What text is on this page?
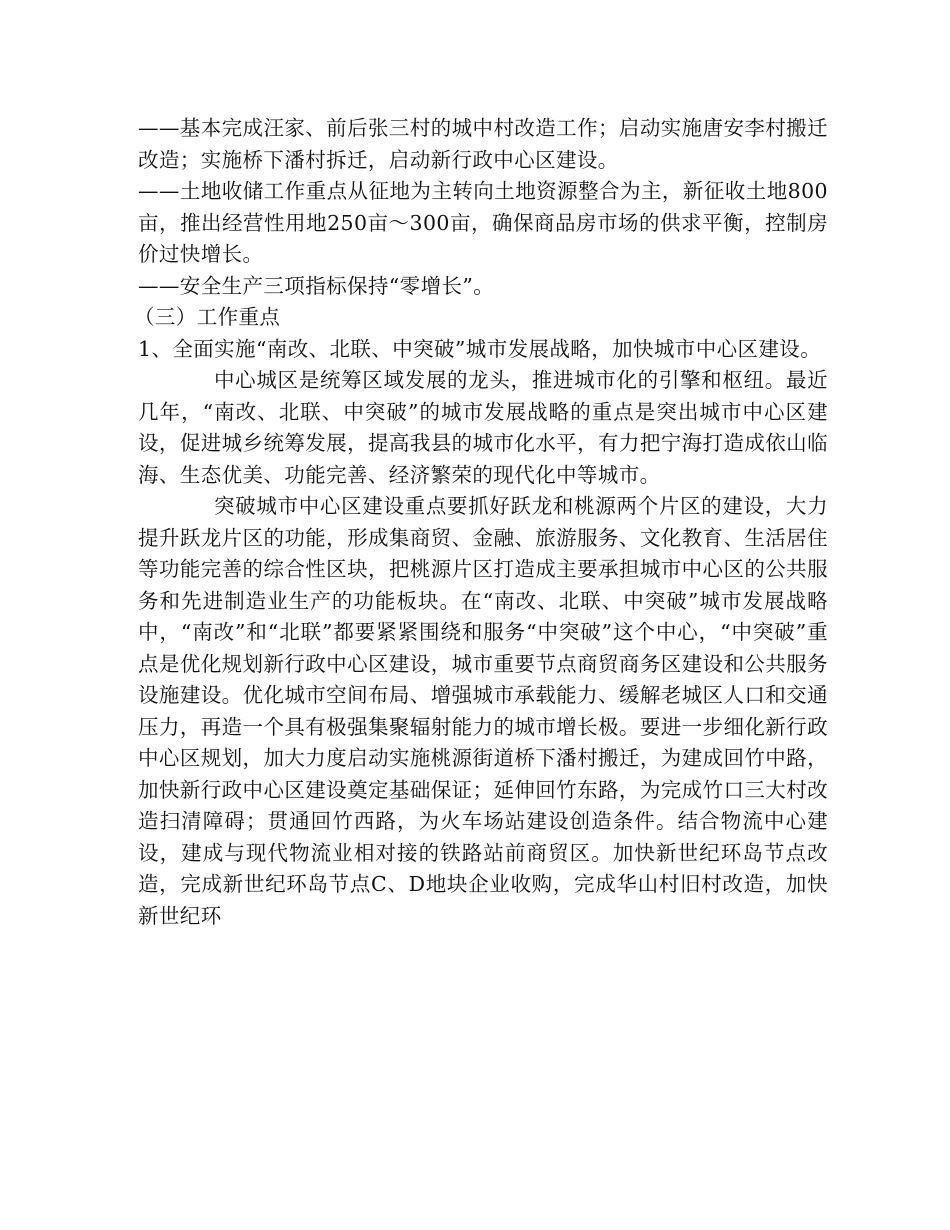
——基本完成汪家、前后张三村的城中村改造工作；启动实施唐安李村搬迁改造；实施桥下潘村拆迁，启动新行政中心区建设。

——土地收储工作重点从征地为主转向土地资源整合为主，新征收土地800亩，推出经营性用地250亩～300亩，确保商品房市场的供求平衡，控制房价过快增长。

——安全生产三项指标保持“零增长”。

（三）工作重点

1、全面实施“南改、北联、中突破”城市发展战略，加快城市中心区建设。

中心城区是统筹区域发展的龙头，推进城市化的引擎和枢纽。最近几年，“南改、北联、中突破”的城市发展战略的重点是突出城市中心区建设，促进城乡统筹发展，提高我县的城市化水平，有力把宁海打造成依山临海、生态优美、功能完善、经济繁荣的现代化中等城市。

突破城市中心区建设重点要抓好跃龙和桃源两个片区的建设，大力提升跃龙片区的功能，形成集商贸、金融、旅游服务、文化教育、生活居住等功能完善的综合性区块，把桃源片区打造成主要承担城市中心区的公共服务和先进制造业生产的功能板块。在“南改、北联、中突破”城市发展战略中，“南改”和“北联”都要紧紧围绕和服务“中突破”这个中心，“中突破”重点是优化规划新行政中心区建设，城市重要节点商贸商务区建设和公共服务设施建设。优化城市空间布局、增强城市承载能力、缓解老城区人口和交通压力，再造一个具有极强集聚辐射能力的城市增长极。要进一步细化新行政中心区规划，加大力度启动实施桃源街道桥下潘村搬迁，为建成回竹中路，加快新行政中心区建设奠定基础保证；延伸回竹东路，为完成竹口三大村改造扫清障碍；贯通回竹西路，为火车场站建设创造条件。结合物流中心建设，建成与现代物流业相对接的铁路站前商贸区。加快新世纪环岛节点改造，完成新世纪环岛节点C、D地块企业收购，完成华山村旧村改造，加快新世纪环
